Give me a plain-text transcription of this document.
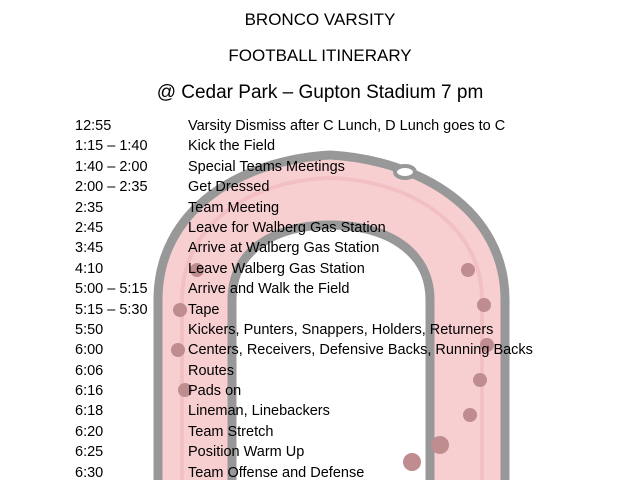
BRONCO VARSITY
FOOTBALL ITINERARY
@ Cedar Park – Gupton Stadium 7 pm
12:55	Varsity Dismiss after C Lunch, D Lunch goes to C
1:15 – 1:40	Kick the Field
1:40 – 2:00	Special Teams Meetings
2:00 – 2:35	Get Dressed
2:35	Team Meeting
2:45	Leave for Walberg Gas Station
3:45	Arrive at Walberg Gas Station
4:10	Leave Walberg Gas Station
5:00 – 5:15	Arrive and Walk the Field
5:15 – 5:30	Tape
5:50	Kickers, Punters, Snappers, Holders, Returners
6:00	Centers, Receivers, Defensive Backs, Running Backs
6:06	Routes
6:16	Pads on
6:18	Lineman, Linebackers
6:20	Team Stretch
6:25	Position Warm Up
6:30	Team Offense and Defense
